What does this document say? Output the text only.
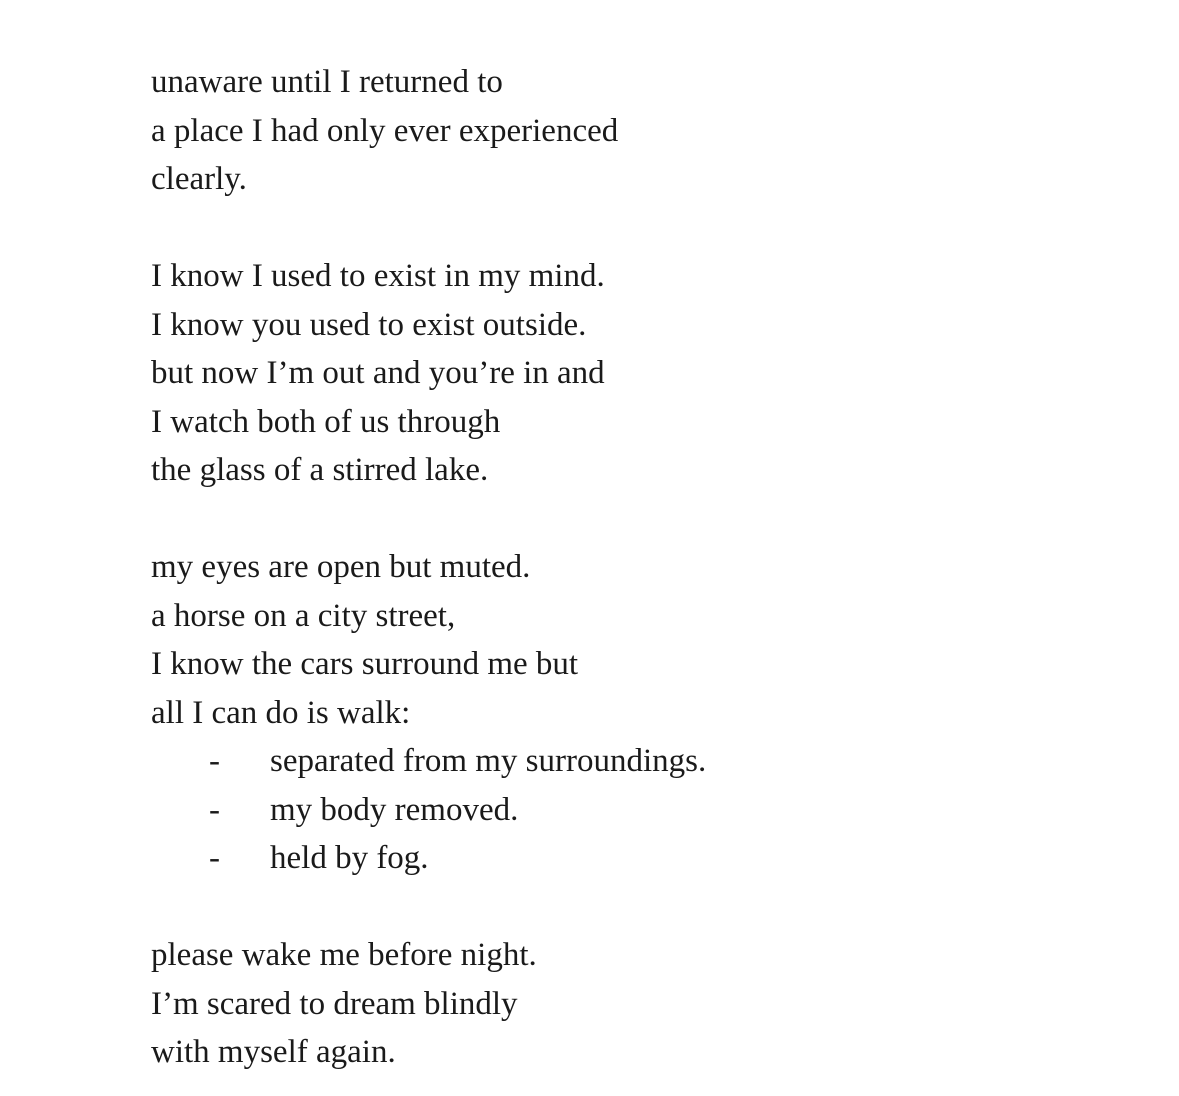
unaware until I returned to
a place I had only ever experienced
clearly.
I know I used to exist in my mind.
I know you used to exist outside.
but now I’m out and you’re in and
I watch both of us through
the glass of a stirred lake.
my eyes are open but muted.
a horse on a city street,
I know the cars surround me but
all I can do is walk:
- separated from my surroundings.
- my body removed.
- held by fog.
please wake me before night.
I’m scared to dream blindly
with myself again.
